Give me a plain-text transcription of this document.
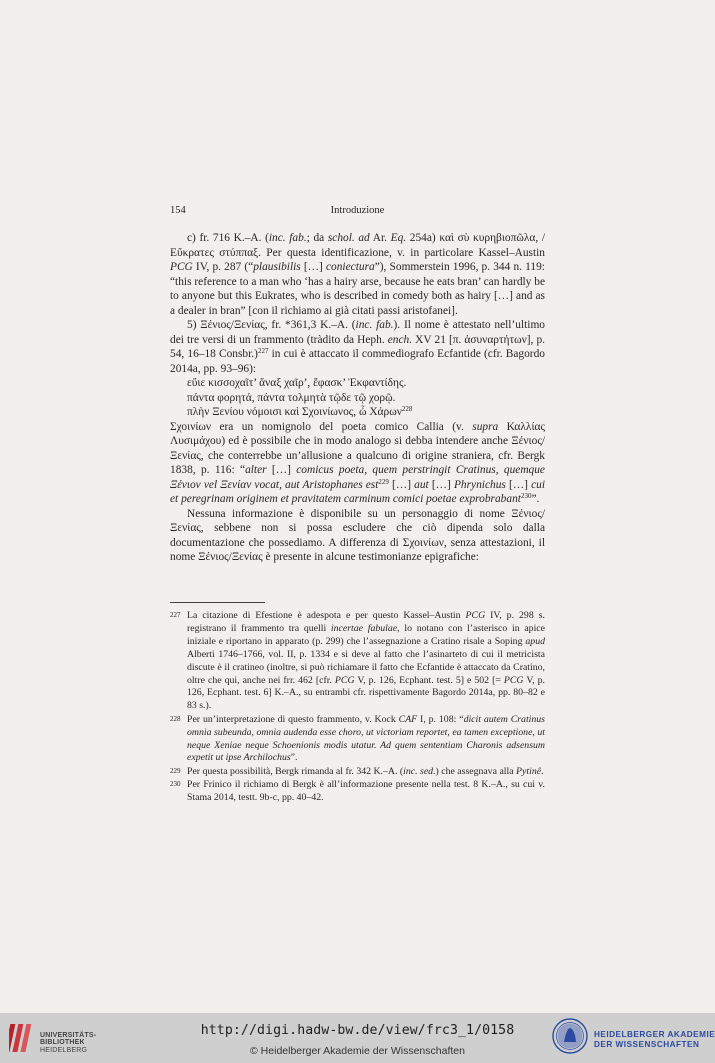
154	Introduzione

c) fr. 716 K.–A. (inc. fab.; da schol. ad Ar. Eq. 254a) καὶ σὺ κυρηβιοπῶλα, / Εὔκρατες στύππαξ. Per questa identificazione, v. in particolare Kassel–Austin PCG IV, p. 287 (“plausibilis […] coniectura”), Sommerstein 1996, p. 344 n. 119: “this reference to a man who ‘has a hairy arse, because he eats bran’ can hardly be to anyone but this Eukrates, who is described in comedy both as hairy […] and as a dealer in bran” [con il richiamo ai già citati passi aristofanei].

5) Ξένιος/Ξενίας, fr. *361,3 K.–A. (inc. fab.). Il nome è attestato nell’ultimo dei tre versi di un frammento (tràdito da Heph. ench. XV 21 [π. ἀσυναρτήτων], p. 54, 16–18 Consbr.)$^{227}$ in cui è attaccato il commediografo Ecfantide (cfr. Bagordo 2014a, pp. 93–96):

εὔιε κισσοχαῖτ’ ἄναξ χαῖρ’, ἔφασκ’ Ἐκφαντίδης.

πάντα φορητά, πάντα τολμητὰ τῷδε τῷ χορῷ.

πλὴν Ξενίου νόμοισι καὶ Σχοινίωνος, ὦ Χάρων$^{228}$

Σχοινίων era un nomignolo del poeta comico Callia (v. supra Καλλίας Λυσιμάχου) ed è possibile che in modo analogo si debba intendere anche Ξένιος/Ξενίας, che conterrebbe un’allusione a qualcuno di origine straniera, cfr. Bergk 1838, p. 116: “alter […] comicus poeta, quem perstringit Cratinus, quemque Ξένιον vel Ξενίαν vocat, aut Aristophanes est$^{229}$ […] aut […] Phrynichus […] cui et peregrinam originem et pravitatem carminum comici poetae exprobrabant$^{230}$”.

Nessuna informazione è disponibile su un personaggio di nome Ξένιος/Ξενίας, sebbene non si possa escludere che ciò dipenda solo dalla documentazione che possediamo. A differenza di Σχοινίων, senza attestazioni, il nome Ξένιος/Ξενίας è presente in alcune testimonianze epigrafiche:

227 La citazione di Efestione è adespota e per questo Kassel–Austin PCG IV, p. 298 s. registrano il frammento tra quelli incertae fabulae, lo notano con l’asterisco in apice iniziale e riportano in apparato (p. 299) che l’assegnazione a Cratino risale a Soping apud Alberti 1746–1766, vol. II, p. 1334 e si deve al fatto che l’asinarteto di cui il metricista discute è il cratineo (inoltre, si può richiamare il fatto che Ecfantide è attaccato da Cratino, oltre che qui, anche nei frr. 462 [cfr. PCG V, p. 126, Ecphant. test. 5] e 502 [= PCG V, p. 126, Ecphant. test. 6] K.–A., su entrambi cfr. rispettivamente Bagordo 2014a, pp. 80–82 e 83 s.).
228 Per un’interpretazione di questo frammento, v. Kock CAF I, p. 108: “dicit autem Cratinus omnia subeunda, omnia audenda esse choro, ut victoriam reportet, ea tamen exceptione, ut neque Xeniae neque Schoenionis modis utatur. Ad quem sententiam Charonis adsensum expetit ut ipse Archilochus”.
229 Per questa possibilità, Bergk rimanda al fr. 342 K.–A. (inc. sed.) che assegnava alla Pytinê.
230 Per Frinico il richiamo di Bergk è all’informazione presente nella test. 8 K.–A., su cui v. Stama 2014, testt. 9b-c, pp. 40–42.
UNIVERSITÄTS-
BIBLIOTHEK
HEIDELBERG
http://digi.hadw-bw.de/view/frc3_1/0158
© Heidelberger Akademie der Wissenschaften
HEIDELBERGER AKADEMIE
DER WISSENSCHAFTEN
